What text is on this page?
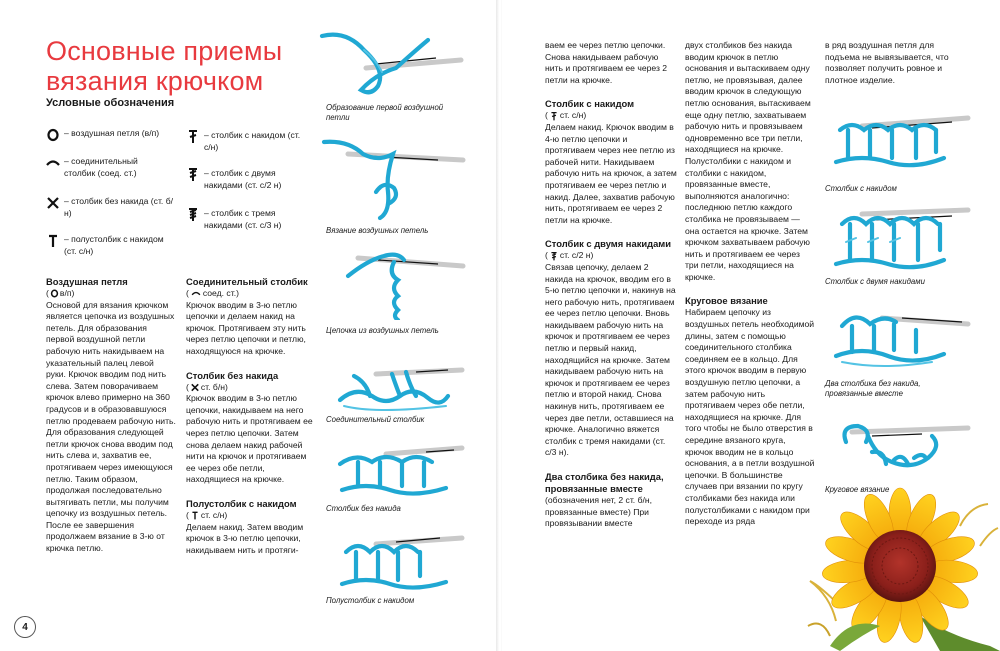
Основные приемы вязания крючком
Условные обозначения
– воздушная петля (в/п)
– соединительный столбик (соед. ст.)
– столбик без накида (ст. б/н)
– полустолбик с накидом (ст. с/н)
– столбик с накидом (ст. с/н)
– столбик с двумя накидами (ст. с/2 н)
– столбик с тремя накидами (ст. с/3 н)
Воздушная петля
( в/п)
Основой для вязания крючком является цепочка из воздушных петель. Для образования первой воздушной петли рабочую нить накидываем на указательный палец левой руки. Крючок вводим под нить слева. Затем поворачиваем крючок влево примерно на 360 градусов и в образовавшуюся петлю продеваем рабочую нить. Для образования следующей петли крючок снова вводим под нить слева и, захватив ее, протягиваем через имеющуюся петлю. Таким образом, продолжая последовательно вытягивать петли, мы получим цепочку из воздушных петель. После ее завершения продолжаем вязание в 3-ю от крючка петлю.
Соединительный столбик
( соед. ст.)
Крючок вводим в 3-ю петлю цепочки и делаем накид на крючок. Протягиваем эту нить через петлю цепочки и петлю, находящуюся на крючке.
Столбик без накида
( ст. б/н)
Крючок вводим в 3-ю петлю цепочки, накидываем на него рабочую нить и протягиваем ее через петлю цепочки. Затем снова делаем накид рабочей нити на крючок и протягиваем ее через обе петли, находящиеся на крючке.
Полустолбик с накидом
( ст. с/н)
Делаем накид. Затем вводим крючок в 3-ю петлю цепочки, накидываем нить и протяги-
Образование первой воздушной петли
Вязание воздушных петель
Цепочка из воздушных петель
Соединительный столбик
Столбик без накида
Полустолбик с накидом
4
ваем ее через петлю цепочки. Снова накидываем рабочую нить и протягиваем ее через 2 петли на крючке.
Столбик с накидом
( ст. с/н)
Делаем накид. Крючок вводим в 4-ю петлю цепочки и протягиваем через нее петлю из рабочей нити. Накидываем рабочую нить на крючок, а затем протягиваем ее через петлю и накид. Далее, захватив рабочую нить, протягиваем ее через 2 петли на крючке.
Столбик с двумя накидами
( ст. с/2 н)
Связав цепочку, делаем 2 накида на крючок, вводим его в 5-ю петлю цепочки и, накинув на него рабочую нить, протягиваем ее через петлю цепочки. Вновь накидываем рабочую нить на крючок и протягиваем ее через петлю и первый накид, находящийся на крючке. Затем накидываем рабочую нить на крючок и протягиваем ее через петлю и второй накид. Снова накинув нить, протягиваем ее через две петли, оставшиеся на крючке. Аналогично вяжется столбик с тремя накидами (ст. с/3 н).
Два столбика без накида, провязанные вместе
(обозначения нет, 2 ст. б/н, провязанные вместе) При провязывании вместе
двух столбиков без накида вводим крючок в петлю основания и вытаскиваем одну петлю, не провязывая, далее вводим крючок в следующую петлю основания, вытаскиваем еще одну петлю, захватываем рабочую нить и провязываем одновременно все три петли, находящиеся на крючке. Полустолбики с накидом и столбики с накидом, провязанные вместе, выполняются аналогично: последнюю петлю каждого столбика не провязываем — она остается на крючке. Затем крючком захватываем рабочую нить и протягиваем ее через три петли, находящиеся на крючке.
Круговое вязание
Набираем цепочку из воздушных петель необходимой длины, затем с помощью соединительного столбика соединяем ее в кольцо. Для этого крючок вводим в первую воздушную петлю цепочки, а затем рабочую нить протягиваем через обе петли, находящиеся на крючке. Для того чтобы не было отверстия в середине вязаного круга, крючок вводим не в кольцо основания, а в петли воздушной цепочки. В большинстве случаев при вязании по кругу столбиками без накида или полустолбиками с накидом при переходе из ряда
в ряд воздушная петля для подъема не вывязывается, что позволяет получить ровное и плотное изделие.
Столбик с накидом
Столбик с двумя накидами
Два столбика без накида, провязанные вместе
Круговое вязание
